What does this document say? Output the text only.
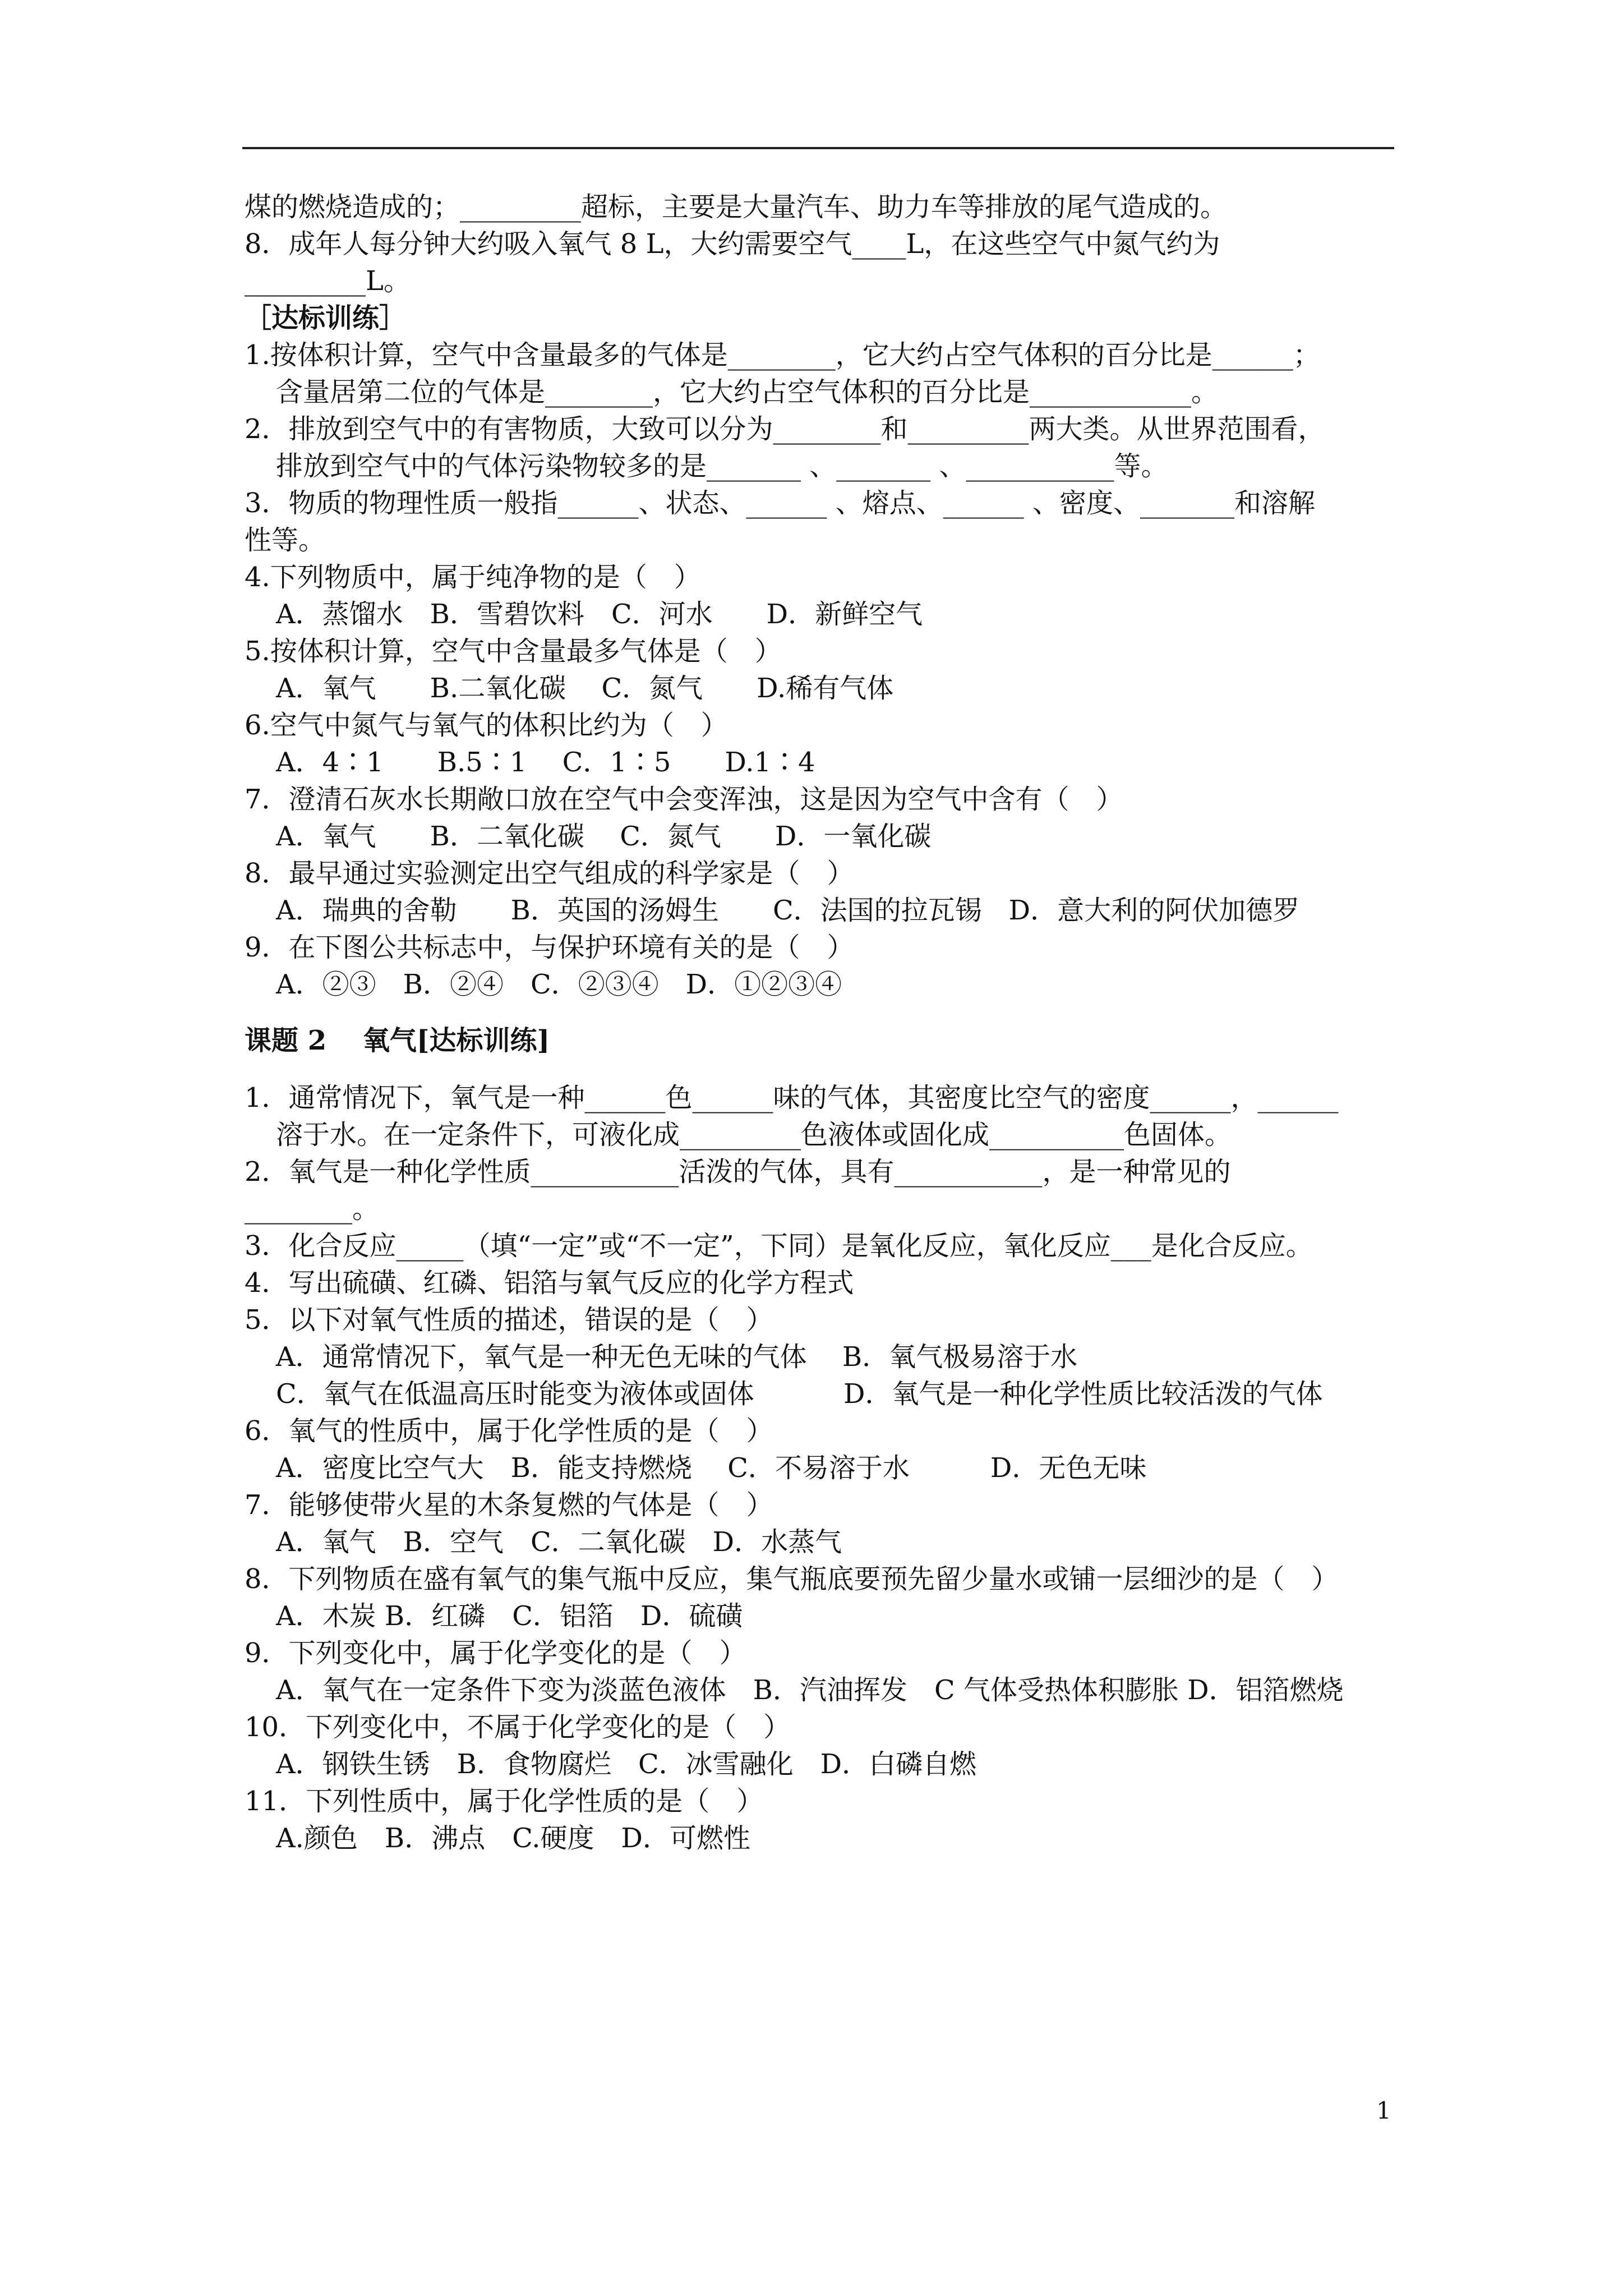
煤的燃烧造成的；_________超标，主要是大量汽车、助力车等排放的尾气造成的。
8．成年人每分钟大约吸入氧气 8 L，大约需要空气____L，在这些空气中氮气约为
_________L。
［达标训练］
1.按体积计算，空气中含量最多的气体是________，它大约占空气体积的百分比是______；
含量居第二位的气体是________，它大约占空气体积的百分比是____________。
2．排放到空气中的有害物质，大致可以分为________和_________两大类。从世界范围看，
排放到空气中的气体污染物较多的是_______ 、_______ 、___________等。
3．物质的物理性质一般指______、状态、______ 、熔点、______ 、密度、_______和溶解
性等。
4.下列物质中，属于纯净物的是（　）
A．蒸馏水　B．雪碧饮料　C．河水　　D．新鲜空气
5.按体积计算，空气中含量最多气体是（　）
A．氧气　　B.二氧化碳　 C．氮气　　D.稀有气体
6.空气中氮气与氧气的体积比约为（　）
A．4∶1　　B.5∶1　 C．1∶5　　D.1∶4
7．澄清石灰水长期敞口放在空气中会变浑浊，这是因为空气中含有（　）
A．氧气　　B．二氧化碳　 C．氮气　　D．一氧化碳
8．最早通过实验测定出空气组成的科学家是（　）
A．瑞典的舍勒　　B．英国的汤姆生　　C．法国的拉瓦锡　D．意大利的阿伏加德罗
9．在下图公共标志中，与保护环境有关的是（　）
A．②③　B．②④　C．②③④　D．①②③④
课题 2　 氧气[达标训练]
1．通常情况下，氧气是一种______色______味的气体，其密度比空气的密度______，______
溶于水。在一定条件下，可液化成_________色液体或固化成__________色固体。
2．氧气是一种化学性质___________活泼的气体，具有___________，是一种常见的
________。
3．化合反应_____（填“一定”或“不一定”，下同）是氧化反应，氧化反应___是化合反应。
4．写出硫磺、红磷、铝箔与氧气反应的化学方程式
5．以下对氧气性质的描述，错误的是（　）
A．通常情况下，氧气是一种无色无味的气体　 B．氧气极易溶于水
C．氧气在低温高压时能变为液体或固体　　　 D．氧气是一种化学性质比较活泼的气体
6．氧气的性质中，属于化学性质的是（　）
A．密度比空气大　B．能支持燃烧　 C．不易溶于水　　　D．无色无味
7．能够使带火星的木条复燃的气体是（　）
A．氧气　B．空气　C．二氧化碳　D．水蒸气
8．下列物质在盛有氧气的集气瓶中反应，集气瓶底要预先留少量水或铺一层细沙的是（　）
A．木炭 B．红磷　C．铝箔　D．硫磺
9．下列变化中，属于化学变化的是（　）
A．氧气在一定条件下变为淡蓝色液体　B．汽油挥发　C 气体受热体积膨胀 D．铝箔燃烧
10．下列变化中，不属于化学变化的是（　）
A．钢铁生锈　B．食物腐烂　C．冰雪融化　D．白磷自燃
11．下列性质中，属于化学性质的是（　）
A.颜色　B．沸点　C.硬度　D．可燃性
1
